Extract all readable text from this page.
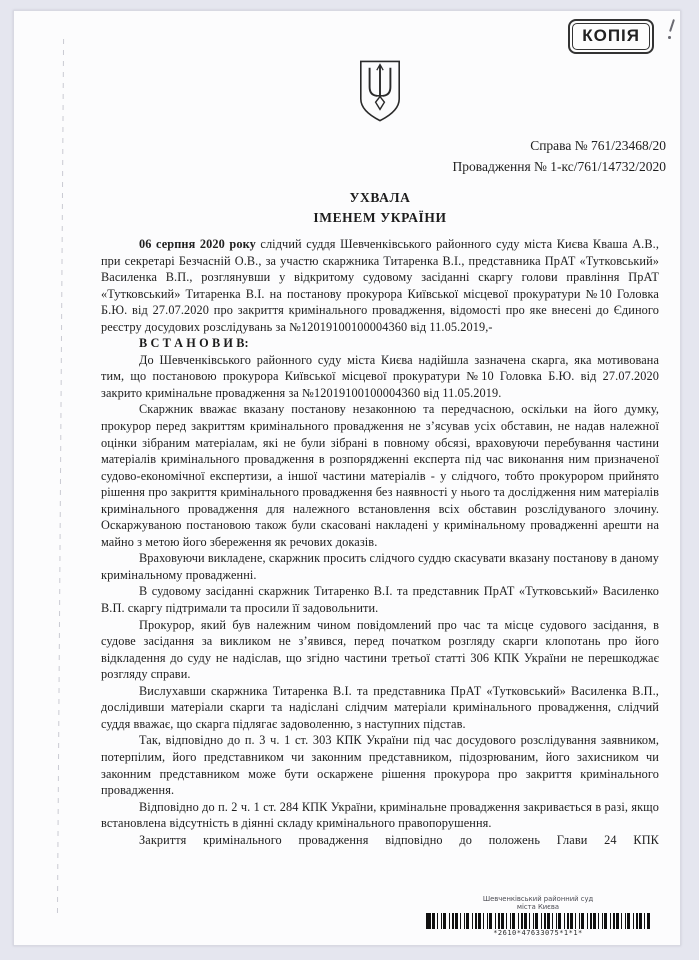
КОПІЯ
Справа № 761/23468/20
Провадження № 1-кс/761/14732/2020
УХВАЛА
ІМЕНЕМ УКРАЇНИ

06 серпня 2020 року слідчий суддя Шевченківського районного суду міста Києва Кваша А.В., при секретарі Безчасній О.В., за участю скаржника Титаренка В.І., представника ПрАТ «Тутковський» Василенка В.П., розглянувши у відкритому судовому засіданні скаргу голови правління ПрАТ «Тутковський» Титаренка В.І. на постанову прокурора Київської місцевої прокуратури №10 Головка Б.Ю. від 27.07.2020 про закриття кримінального провадження, відомості про яке внесені до Єдиного реєстру досудових розслідувань за №12019100100004360 від 11.05.2019,-

В С Т А Н О В И В:

До Шевченківського районного суду міста Києва надійшла зазначена скарга, яка мотивована тим, що постановою прокурора Київської місцевої прокуратури №10 Головка Б.Ю. від 27.07.2020 закрито кримінальне провадження за №12019100100004360 від 11.05.2019.

Скаржник вважає вказану постанову незаконною та передчасною, оскільки на його думку, прокурор перед закриттям кримінального провадження не з’ясував усіх обставин, не надав належної оцінки зібраним матеріалам, які не були зібрані в повному обсязі, враховуючи перебування частини матеріалів кримінального провадження в розпорядженні експерта під час виконання ним призначеної судово-економічної експертизи, а іншої частини матеріалів - у слідчого, тобто прокурором прийнято рішення про закриття кримінального провадження без наявності у нього та дослідження ним матеріалів кримінального провадження для належного встановлення всіх обставин розслідуваного злочину. Оскаржуваною постановою також були скасовані накладені у кримінальному провадженні арешти на майно з метою його збереження як речових доказів.

Враховуючи викладене, скаржник просить слідчого суддю скасувати вказану постанову в даному кримінальному провадженні.

В судовому засіданні скаржник Титаренко В.І. та представник ПрАТ «Тутковський» Василенко В.П. скаргу підтримали та просили її задовольнити.

Прокурор, який був належним чином повідомлений про час та місце судового засідання, в судове засідання за викликом не з’явився, перед початком розгляду скарги клопотань про його відкладення до суду не надіслав, що згідно частини третьої статті 306 КПК України не перешкоджає розгляду справи.

Вислухавши скаржника Титаренка В.І. та представника ПрАТ «Тутковський» Василенка В.П., дослідивши матеріали скарги та надіслані слідчим матеріали кримінального провадження, слідчий суддя вважає, що скарга підлягає задоволенню, з наступних підстав.

Так, відповідно до п. 3 ч. 1 ст. 303 КПК України під час досудового розслідування заявником, потерпілим, його представником чи законним представником, підозрюваним, його захисником чи законним представником може бути оскаржене рішення прокурора про закриття кримінального провадження.

Відповідно до п. 2 ч. 1 ст. 284 КПК України, кримінальне провадження закривається в разі, якщо встановлена відсутність в діянні складу кримінального правопорушення.

Закриття кримінального провадження відповідно до положень Глави 24 КПК

Шевченківський районний суд
міста Києва
*2610*47633075*1*1*
